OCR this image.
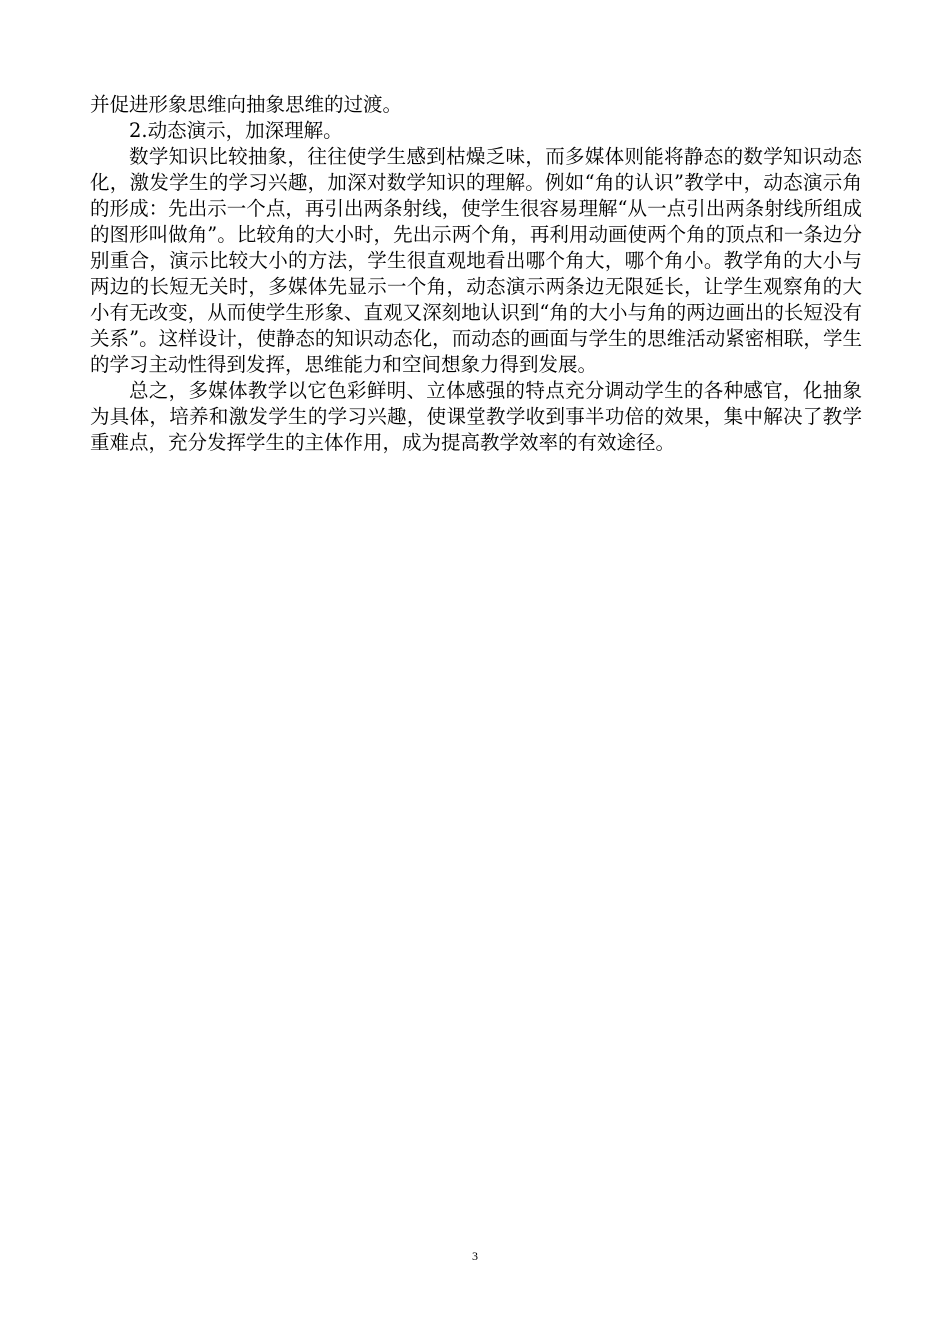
并促进形象思维向抽象思维的过渡。

2.动态演示，加深理解。

数学知识比较抽象，往往使学生感到枯燥乏味，而多媒体则能将静态的数学知识动态化，激发学生的学习兴趣，加深对数学知识的理解。例如“角的认识”教学中，动态演示角的形成：先出示一个点，再引出两条射线，使学生很容易理解“从一点引出两条射线所组成的图形叫做角”。比较角的大小时，先出示两个角，再利用动画使两个角的顶点和一条边分别重合，演示比较大小的方法，学生很直观地看出哪个角大，哪个角小。教学角的大小与两边的长短无关时，多媒体先显示一个角，动态演示两条边无限延长，让学生观察角的大小有无改变，从而使学生形象、直观又深刻地认识到“角的大小与角的两边画出的长短没有关系”。这样设计，使静态的知识动态化，而动态的画面与学生的思维活动紧密相联，学生的学习主动性得到发挥，思维能力和空间想象力得到发展。

总之，多媒体教学以它色彩鲜明、立体感强的特点充分调动学生的各种感官，化抽象为具体，培养和激发学生的学习兴趣，使课堂教学收到事半功倍的效果，集中解决了教学重难点，充分发挥学生的主体作用，成为提高教学效率的有效途径。

3
